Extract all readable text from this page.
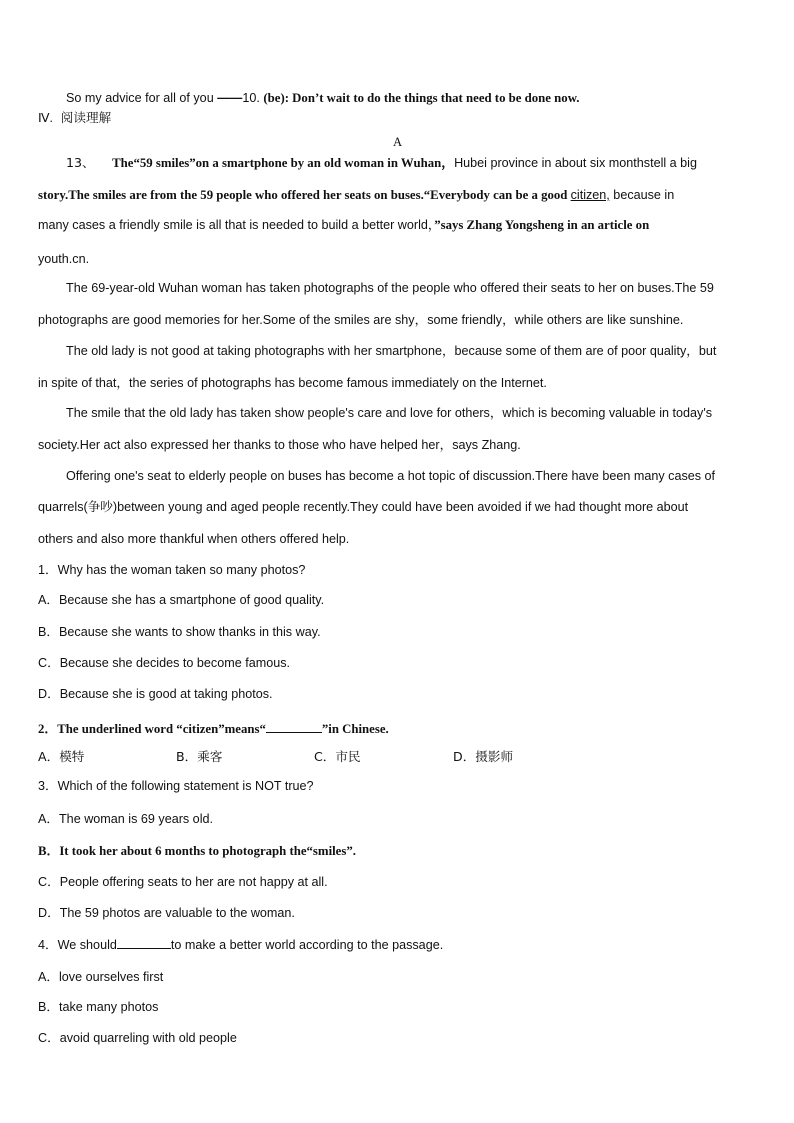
So my advice for all of you ——10. (be): Don’t wait to do the things that need to be done now.
Ⅳ. 阅读理解
A
13、 The“59 smiles”on a smartphone by an old woman in Wuhan，Hubei province in about six monthstell a big
story.The smiles are from the 59 people who offered her seats on buses.“Everybody can be a good citizen, because in
many cases a friendly smile is all that is needed to build a better world，”says Zhang Yongsheng in an article on
youth.cn.
The 69-year-old Wuhan woman has taken photographs of the people who offered their seats to her on buses.The 59
photographs are good memories for her.Some of the smiles are shy，some friendly，while others are like sunshine.
The old lady is not good at taking photographs with her smartphone，because some of them are of poor quality，but
in spite of that，the series of photographs has become famous immediately on the Internet.
The smile that the old lady has taken show people's care and love for others，which is becoming valuable in today's
society.Her act also expressed her thanks to those who have helped her，says Zhang.
Offering one's seat to elderly people on buses has become a hot topic of discussion.There have been many cases of
quarrels(争吵)between young and aged people recently.They could have been avoided if we had thought more about
others and also more thankful when others offered help.
1．Why has the woman taken so many photos?
A．Because she has a smartphone of good quality.
B．Because she wants to show thanks in this way.
C．Because she decides to become famous.
D．Because she is good at taking photos.
2．The underlined word “citizen”means“	”in Chinese.
A．模特	B．乘客	C．市民	D．摄影师
3．Which of the following statement is NOT true?
A．The woman is 69 years old.
B．It took her about 6 months to photograph the“smiles”.
C．People offering seats to her are not happy at all.
D．The 59 photos are valuable to the woman.
4．We should	to make a better world according to the passage.
A．love ourselves first
B．take many photos
C．avoid quarreling with old people
